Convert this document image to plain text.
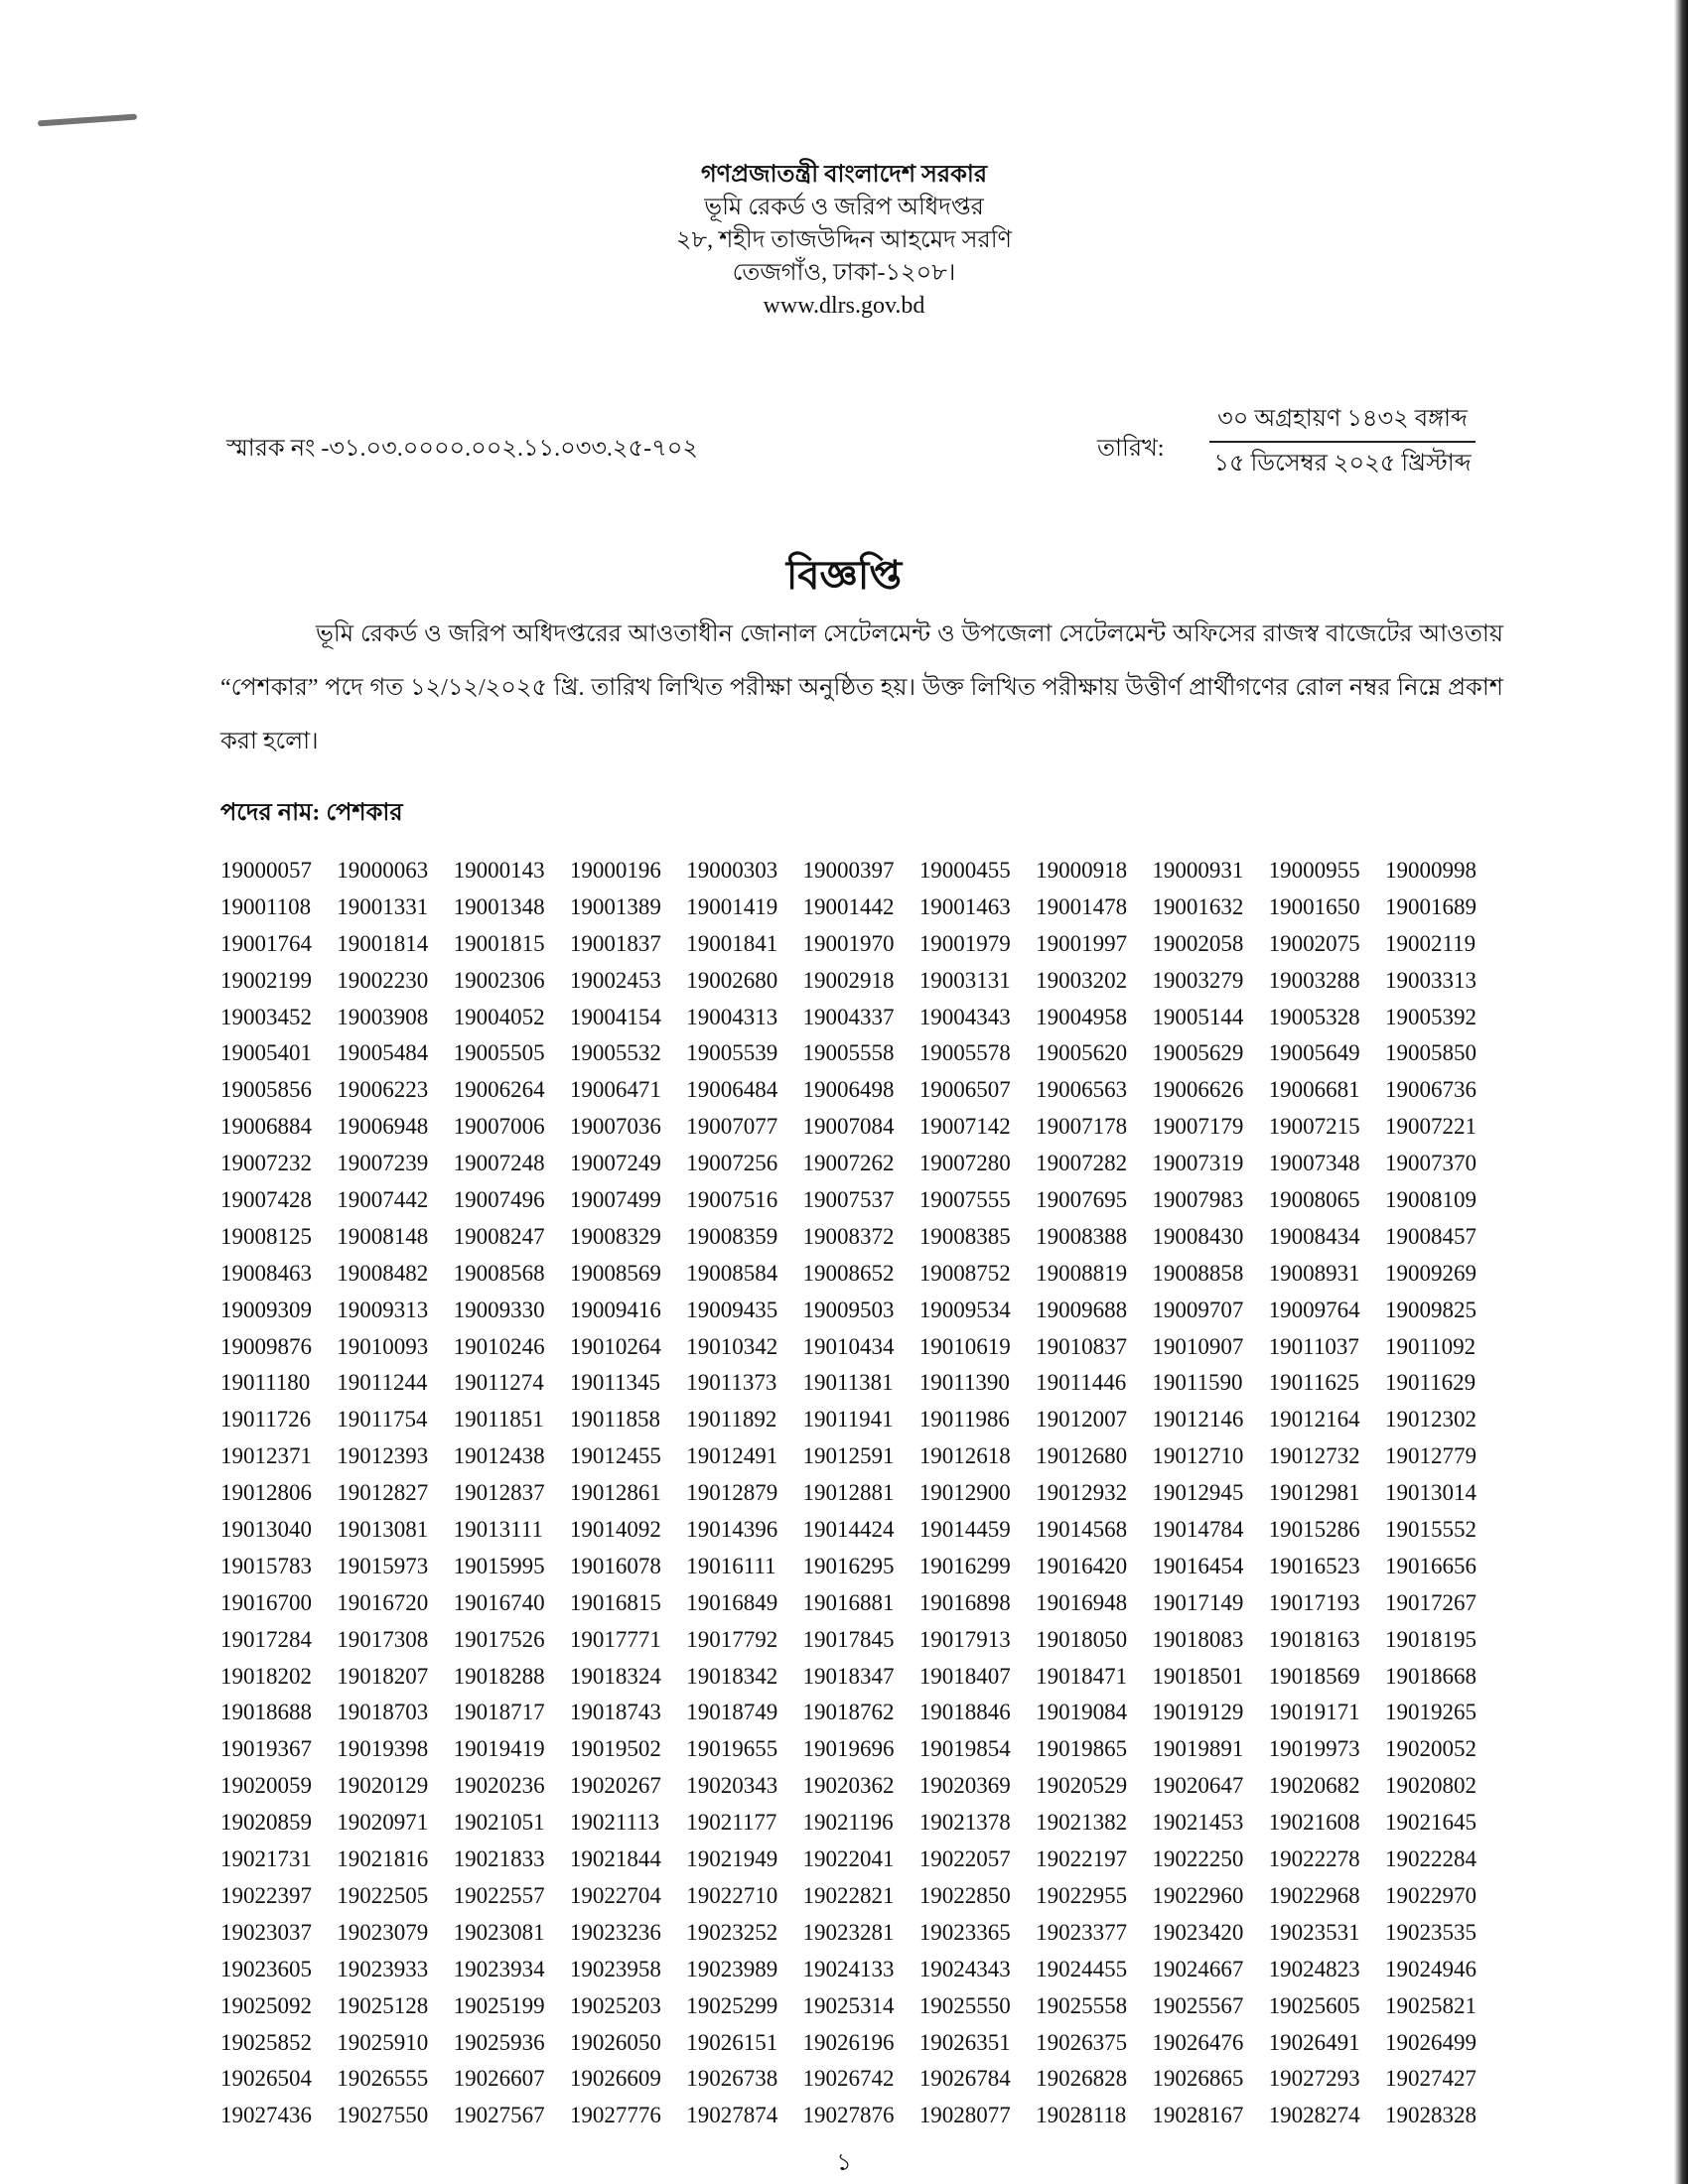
গণপ্রজাতন্ত্রী বাংলাদেশ সরকার
ভূমি রেকর্ড ও জরিপ অধিদপ্তর
২৮, শহীদ তাজউদ্দিন আহমেদ সরণি
তেজগাঁও, ঢাকা-১২০৮।
www.dlrs.gov.bd
স্মারক নং -৩১.০৩.০০০০.০০২.১১.০৩৩.২৫-৭০২	তারিখ:
৩০ অগ্রহায়ণ ১৪৩২ বঙ্গাব্দ
১৫ ডিসেম্বর ২০২৫ খ্রিস্টাব্দ
বিজ্ঞপ্তি
ভূমি রেকর্ড ও জরিপ অধিদপ্তরের আওতাধীন জোনাল সেটেলমেন্ট ও উপজেলা সেটেলমেন্ট অফিসের রাজস্ব বাজেটের আওতায় “পেশকার” পদে গত ১২/১২/২০২৫ খ্রি. তারিখ লিখিত পরীক্ষা অনুষ্ঠিত হয়। উক্ত লিখিত পরীক্ষায় উত্তীর্ণ প্রার্থীগণের রোল নম্বর নিম্নে প্রকাশ করা হলো।
পদের নাম: পেশকার
19000057	19000063	19000143	19000196	19000303	19000397	19000455	19000918	19000931	19000955	19000998
19001108	19001331	19001348	19001389	19001419	19001442	19001463	19001478	19001632	19001650	19001689
19001764	19001814	19001815	19001837	19001841	19001970	19001979	19001997	19002058	19002075	19002119
19002199	19002230	19002306	19002453	19002680	19002918	19003131	19003202	19003279	19003288	19003313
19003452	19003908	19004052	19004154	19004313	19004337	19004343	19004958	19005144	19005328	19005392
19005401	19005484	19005505	19005532	19005539	19005558	19005578	19005620	19005629	19005649	19005850
19005856	19006223	19006264	19006471	19006484	19006498	19006507	19006563	19006626	19006681	19006736
19006884	19006948	19007006	19007036	19007077	19007084	19007142	19007178	19007179	19007215	19007221
19007232	19007239	19007248	19007249	19007256	19007262	19007280	19007282	19007319	19007348	19007370
19007428	19007442	19007496	19007499	19007516	19007537	19007555	19007695	19007983	19008065	19008109
19008125	19008148	19008247	19008329	19008359	19008372	19008385	19008388	19008430	19008434	19008457
19008463	19008482	19008568	19008569	19008584	19008652	19008752	19008819	19008858	19008931	19009269
19009309	19009313	19009330	19009416	19009435	19009503	19009534	19009688	19009707	19009764	19009825
19009876	19010093	19010246	19010264	19010342	19010434	19010619	19010837	19010907	19011037	19011092
19011180	19011244	19011274	19011345	19011373	19011381	19011390	19011446	19011590	19011625	19011629
19011726	19011754	19011851	19011858	19011892	19011941	19011986	19012007	19012146	19012164	19012302
19012371	19012393	19012438	19012455	19012491	19012591	19012618	19012680	19012710	19012732	19012779
19012806	19012827	19012837	19012861	19012879	19012881	19012900	19012932	19012945	19012981	19013014
19013040	19013081	19013111	19014092	19014396	19014424	19014459	19014568	19014784	19015286	19015552
19015783	19015973	19015995	19016078	19016111	19016295	19016299	19016420	19016454	19016523	19016656
19016700	19016720	19016740	19016815	19016849	19016881	19016898	19016948	19017149	19017193	19017267
19017284	19017308	19017526	19017771	19017792	19017845	19017913	19018050	19018083	19018163	19018195
19018202	19018207	19018288	19018324	19018342	19018347	19018407	19018471	19018501	19018569	19018668
19018688	19018703	19018717	19018743	19018749	19018762	19018846	19019084	19019129	19019171	19019265
19019367	19019398	19019419	19019502	19019655	19019696	19019854	19019865	19019891	19019973	19020052
19020059	19020129	19020236	19020267	19020343	19020362	19020369	19020529	19020647	19020682	19020802
19020859	19020971	19021051	19021113	19021177	19021196	19021378	19021382	19021453	19021608	19021645
19021731	19021816	19021833	19021844	19021949	19022041	19022057	19022197	19022250	19022278	19022284
19022397	19022505	19022557	19022704	19022710	19022821	19022850	19022955	19022960	19022968	19022970
19023037	19023079	19023081	19023236	19023252	19023281	19023365	19023377	19023420	19023531	19023535
19023605	19023933	19023934	19023958	19023989	19024133	19024343	19024455	19024667	19024823	19024946
19025092	19025128	19025199	19025203	19025299	19025314	19025550	19025558	19025567	19025605	19025821
19025852	19025910	19025936	19026050	19026151	19026196	19026351	19026375	19026476	19026491	19026499
19026504	19026555	19026607	19026609	19026738	19026742	19026784	19026828	19026865	19027293	19027427
19027436	19027550	19027567	19027776	19027874	19027876	19028077	19028118	19028167	19028274	19028328
১
